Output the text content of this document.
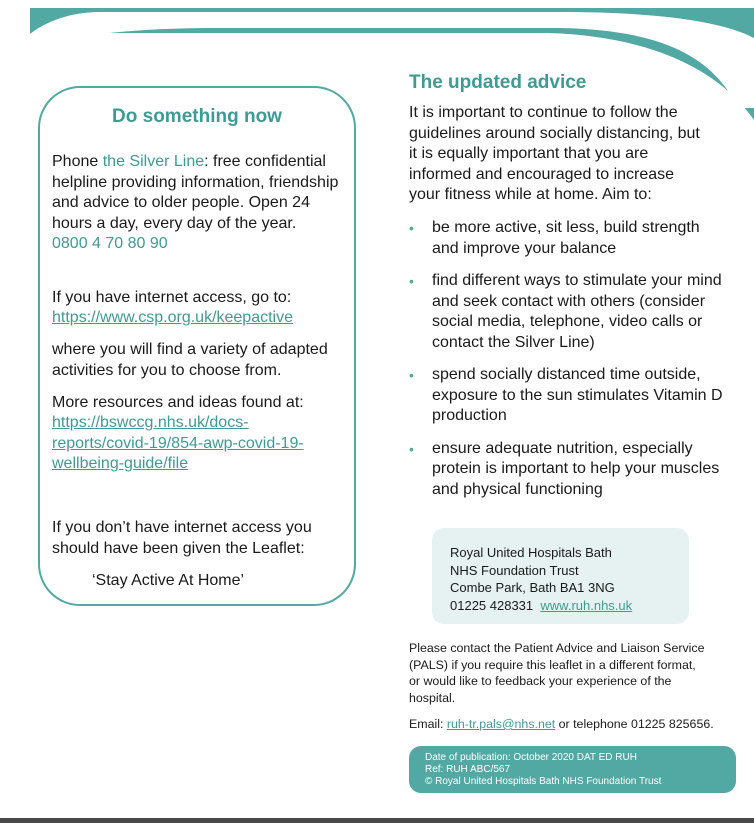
Do something now
Phone the Silver Line: free confidential helpline providing information, friendship and advice to older people. Open 24 hours a day, every day of the year.
0800 4 70 80 90
If you have internet access, go to:
https://www.csp.org.uk/keepactive
where you will find a variety of adapted activities for you to choose from.
More resources and ideas found at:
https://bswccg.nhs.uk/docs-
reports/covid-19/854-awp-covid-19-
wellbeing-guide/file
If you don’t have internet access you should have been given the Leaflet:
‘Stay Active At Home’
The updated advice
It is important to continue to follow the guidelines around socially distancing, but it is equally important that you are informed and encouraged to increase your fitness while at home. Aim to:
• be more active, sit less, build strength and improve your balance
• find different ways to stimulate your mind and seek contact with others (consider social media, telephone, video calls or contact the Silver Line)
• spend socially distanced time outside, exposure to the sun stimulates Vitamin D production
• ensure adequate nutrition, especially protein is important to help your muscles and physical functioning
Royal United Hospitals Bath
NHS Foundation Trust
Combe Park, Bath BA1 3NG
01225 428331 www.ruh.nhs.uk
Please contact the Patient Advice and Liaison Service (PALS) if you require this leaflet in a different format, or would like to feedback your experience of the hospital.
Email: ruh-tr.pals@nhs.net or telephone 01225 825656.
Date of publication: October 2020 DAT ED RUH
Ref: RUH ABC/567
© Royal United Hospitals Bath NHS Foundation Trust
